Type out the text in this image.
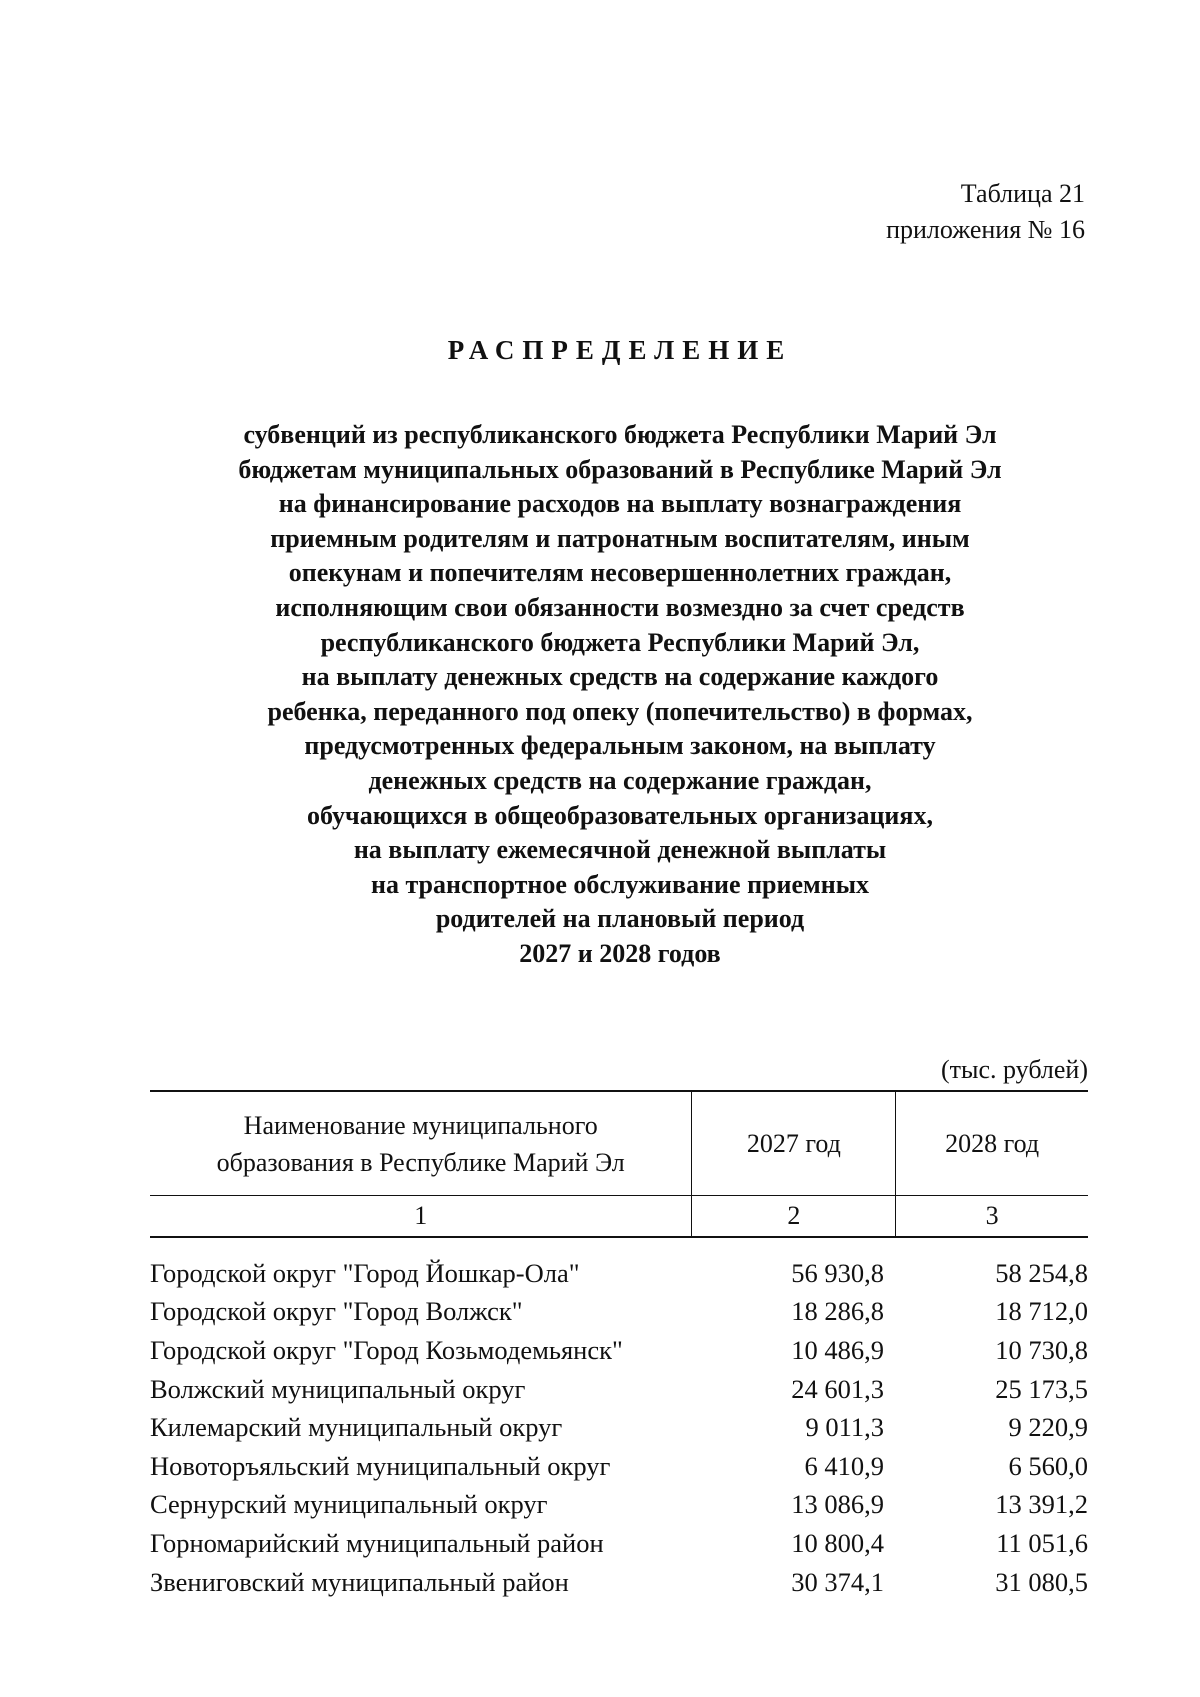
Таблица 21
приложения № 16
РАСПРЕДЕЛЕНИЕ
субвенций из республиканского бюджета Республики Марий Эл
бюджетам муниципальных образований в Республике Марий Эл
на финансирование расходов на выплату вознаграждения
приемным родителям и патронатным воспитателям, иным
опекунам и попечителям несовершеннолетних граждан,
исполняющим свои обязанности возмездно за счет средств
республиканского бюджета Республики Марий Эл,
на выплату денежных средств на содержание каждого
ребенка, переданного под опеку (попечительство) в формах,
предусмотренных федеральным законом, на выплату
денежных средств на содержание граждан,
обучающихся в общеобразовательных организациях,
на выплату ежемесячной денежной выплаты
на транспортное обслуживание приемных
родителей на плановый период
2027 и 2028 годов
(тыс. рублей)
Наименование муниципального
образования в Республике Марий Эл
2027 год	2028 год
1	2	3
Городской округ "Город Йошкар-Ола"	56 930,8	58 254,8
Городской округ "Город Волжск"	18 286,8	18 712,0
Городской округ "Город Козьмодемьянск"	10 486,9	10 730,8
Волжский муниципальный округ	24 601,3	25 173,5
Килемарский муниципальный округ	9 011,3	9 220,9
Новоторъяльский муниципальный округ	6 410,9	6 560,0
Сернурский муниципальный округ	13 086,9	13 391,2
Горномарийский муниципальный район	10 800,4	11 051,6
Звениговский муниципальный район	30 374,1	31 080,5
